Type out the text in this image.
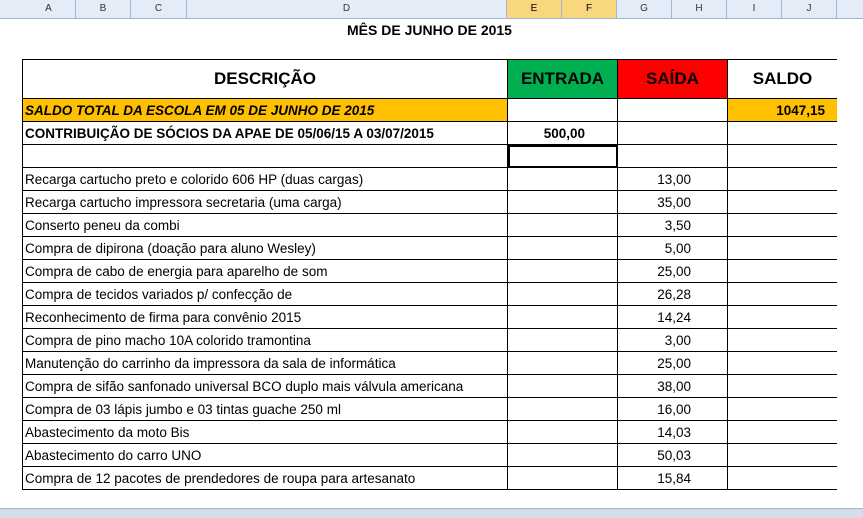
A	B	C	D	E	F	G	H	I	J
MÊS DE JUNHO DE 2015
DESCRIÇÃO	ENTRADA	SAÍDA	SALDO
SALDO TOTAL DA ESCOLA EM 05 DE JUNHO DE 2015			1047,15
CONTRIBUIÇÃO DE SÓCIOS DA APAE DE 05/06/15 A 03/07/2015	500,00		

Recarga cartucho preto e colorido 606 HP (duas cargas)		13,00	
Recarga cartucho impressora secretaria (uma carga)		35,00	
Conserto peneu da combi		3,50	
Compra de dipirona (doação para aluno Wesley)		5,00	
Compra de cabo de energia para aparelho de som		25,00	
Compra de tecidos variados p/ confecção de		26,28	
Reconhecimento de firma para convênio 2015		14,24	
Compra de pino macho 10A colorido tramontina		3,00	
Manutenção do carrinho da impressora da sala de informática		25,00	
Compra de sifão sanfonado universal BCO duplo mais válvula americana		38,00	
Compra de 03 lápis jumbo e 03 tintas guache 250 ml		16,00	
Abastecimento da moto Bis		14,03	
Abastecimento do carro UNO		50,03	
Compra de 12 pacotes de prendedores de roupa para artesanato		15,84	
